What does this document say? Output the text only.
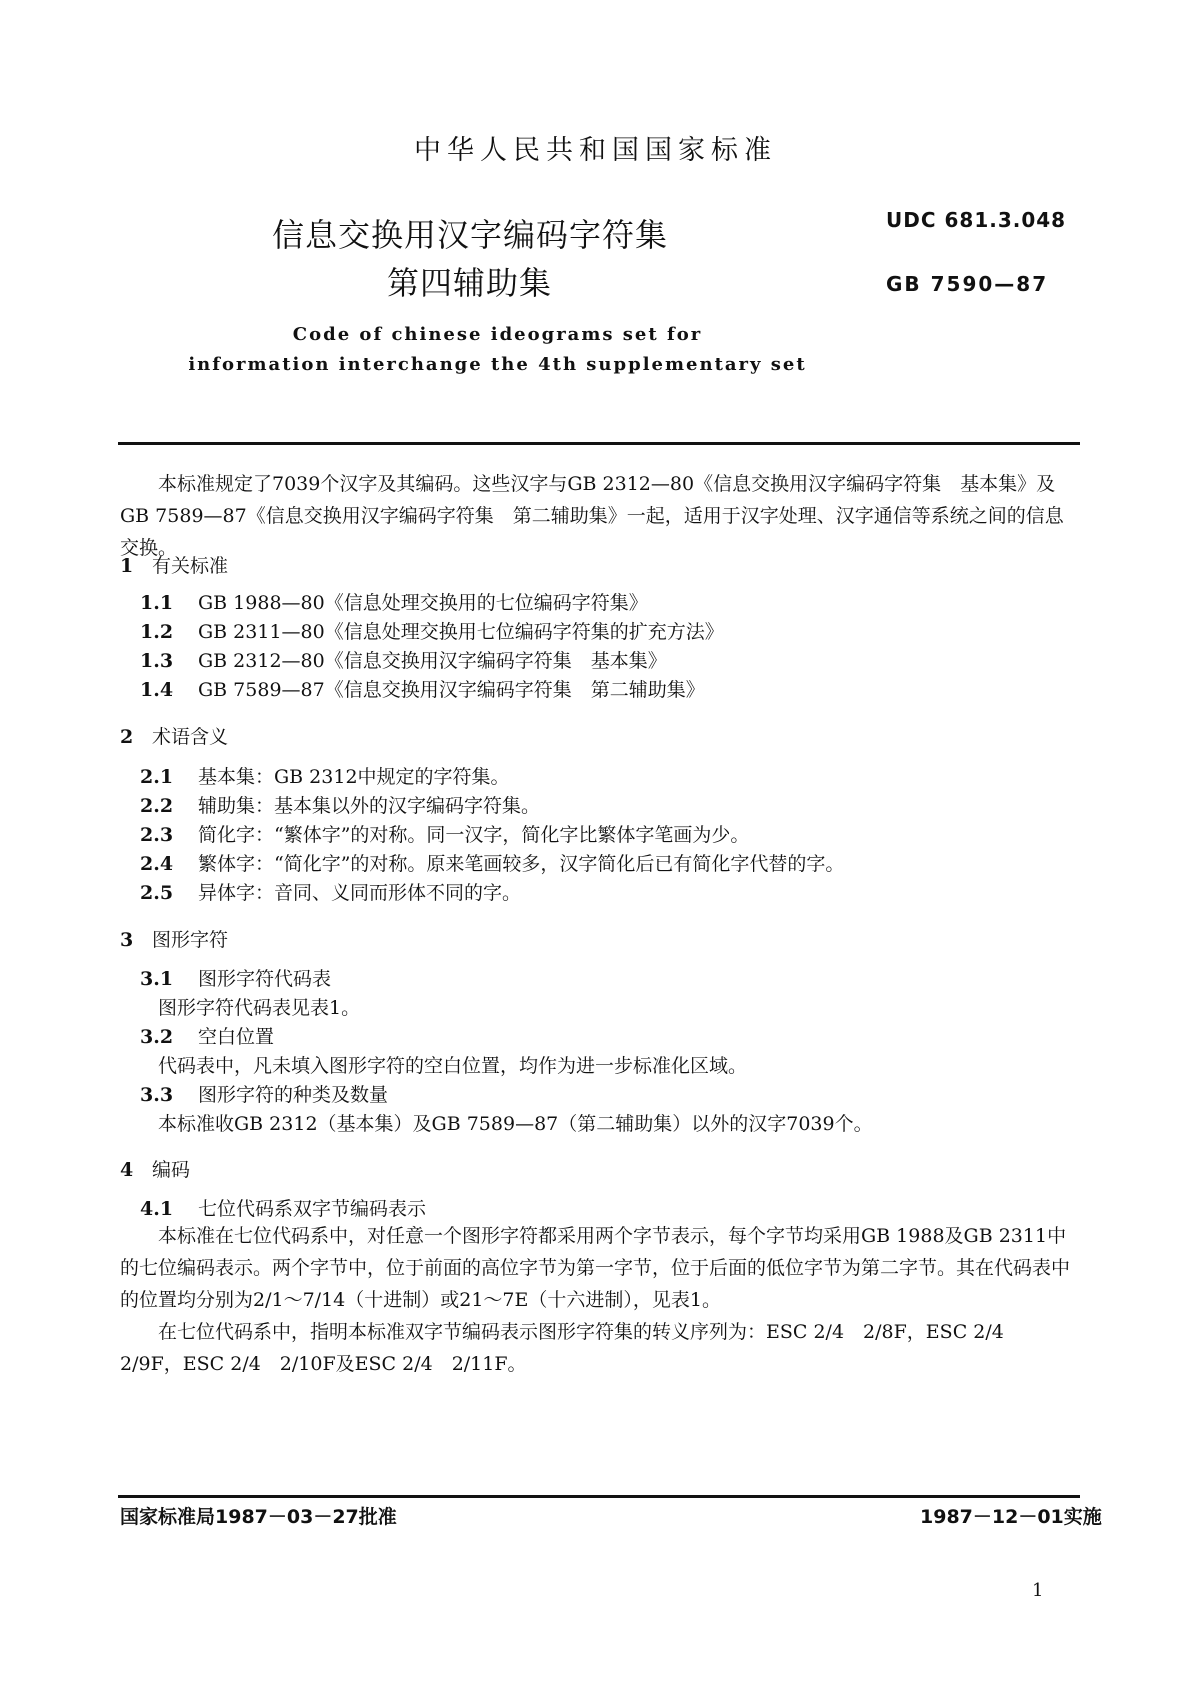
中华人民共和国国家标准
信息交换用汉字编码字符集
第四辅助集
UDC 681.3.048
GB 7590—87
Code of chinese ideograms set for
information interchange the 4th supplementary set
本标准规定了7039个汉字及其编码。这些汉字与GB 2312—80《信息交换用汉字编码字符集　基本集》及GB 7589—87《信息交换用汉字编码字符集　第二辅助集》一起，适用于汉字处理、汉字通信等系统之间的信息交换。
1 有关标准
1.1 GB 1988—80《信息处理交换用的七位编码字符集》
1.2 GB 2311—80《信息处理交换用七位编码字符集的扩充方法》
1.3 GB 2312—80《信息交换用汉字编码字符集　基本集》
1.4 GB 7589—87《信息交换用汉字编码字符集　第二辅助集》
2 术语含义
2.1 基本集：GB 2312中规定的字符集。
2.2 辅助集：基本集以外的汉字编码字符集。
2.3 简化字：“繁体字”的对称。同一汉字，简化字比繁体字笔画为少。
2.4 繁体字：“简化字”的对称。原来笔画较多，汉字简化后已有简化字代替的字。
2.5 异体字：音同、义同而形体不同的字。
3 图形字符
3.1 图形字符代码表
图形字符代码表见表1。
3.2 空白位置
代码表中，凡未填入图形字符的空白位置，均作为进一步标准化区域。
3.3 图形字符的种类及数量
本标准收GB 2312（基本集）及GB 7589—87（第二辅助集）以外的汉字7039个。
4 编码
4.1 七位代码系双字节编码表示
本标准在七位代码系中，对任意一个图形字符都采用两个字节表示，每个字节均采用GB 1988及GB 2311中的七位编码表示。两个字节中，位于前面的高位字节为第一字节，位于后面的低位字节为第二字节。其在代码表中的位置均分别为2/1～7/14（十进制）或21～7E（十六进制），见表1。
在七位代码系中，指明本标准双字节编码表示图形字符集的转义序列为：ESC 2/4　2/8F，ESC 2/4　2/9F，ESC 2/4　2/10F及ESC 2/4　2/11F。
国家标准局1987－03－27批准	1987－12－01实施
1
